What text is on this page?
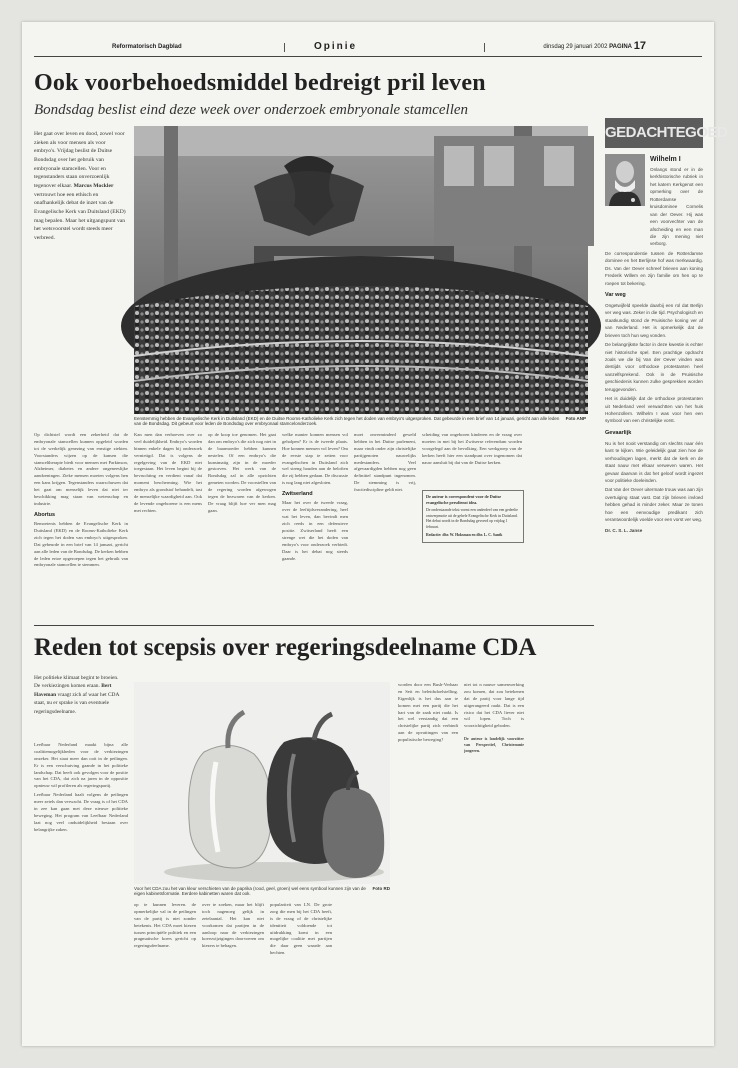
Reformatorisch Dagblad	Opinie	dinsdag 29 januari 2002 PAGINA 17
Ook voorbehoedsmiddel bedreigt pril leven
Bondsdag beslist eind deze week over onderzoek embryonale stamcellen
Het gaat over leven en dood, zowel voor zieken als voor mensen als voor embryo's. Vrijdag beslist de Duitse Bondsdag over het gebruik van embryonale stamcellen. Voor en tegenstanders staan onverzoenlijk tegenover elkaar. Marcus Mockler vertrouwt hoe een ethisch en onafhankelijk debat de inzet van de Evangelische Kerk van Duitsland (EKD) mag bepalen. Maar het uitgangspunt van het wetsvoorstel wordt steeds meer verbreed.
Foto ANP
Eenstemmig hebben de Evangelische Kerk in Duitsland (EKD) en de Duitse Rooms-Katholieke Kerk zich tegen het doden van embryo's uitgesproken. Dat gebeurde in een brief van 14 januari, gericht aan alle leden van de Bondsdag. Dit gebeurt voor leden de Bondsdag over embryonaal stamcelonderzoek.

Op dichtstel wordt een zekerheid dat de embryonale stamcellen kunnen opgeleid worden tot de werkelijk genezing van ernstige ziekten. Voorstanders wijzen op de kansen die stamceltherapie biedt voor mensen met Parkinson, Alzheimer, diabetes en andere ongeneeslijke aandoeningen. Zieke mensen moeten volgens hen een kans krijgen. Tegenstanders waarschuwen dat het gaat om menselijk leven dat niet ter beschikking mag staan van wetenschap en industrie.

Abortus

Bemoeienis hebben de Evangelische Kerk in Duitsland (EKD) en de Rooms-Katholieke Kerk zich tegen het doden van embryo's uitgesproken. Dat gebeurde in een brief van 14 januari, gericht aan alle leden van de Bondsdag. De kerken hebben de leden ertoe opgeroepen tegen het gebruik van embryonale stamcellen te stemmen.

Kan men dan verhoeven over zo veel duidelijkheid. Embryo's worden binnen enkele dagen bij onderzoek vernietigd. Dat is volgens de regelgeving van de EKD niet toegestaan. Het leven begint bij de bevruchting en verdient vanaf dat moment bescherming. Wie het embryo als grondstof behandelt, tast de menselijke waardigheid aan. Ook de levende ongeborene is een mens met rechten.

op de koop toe genomen. Het gaat dan om embryo's die zich nog niet in de baarmoeder hebben kunnen nestelen. Of een embryo's die kunstmatig zijn in de moeder gestorven. Het werk van de Bondsdag zal in alle opzichten gemeten worden. De voorstellen van de regering worden afgewogen tegen de bezwaren van de kerken. De vraag blijft hoe ver men mag gaan.

welke manier konnen mensen vol geholpen? Er is de tweede plaats. Hoe konnen mensen vol leven? Om de eerste stap te zetten voor evangelischen in Duitsland zich wel streng houden aan de beloften die zij hebben gedaan. De discussie is nog lang niet afgesloten.

Zwitserland

Maar het over de tweede vraag, over de leeftijdsverandering, heel wat het leven, dan bevindt men zich reeds in een defensieve positie. Zwitserland heeft een strenge wet die het doden van embryo's voor onderzoek verbiedt. Daar is het debat nog steeds gaande.

moet onverminderd geweld hebben in het Duitse parlement, maar vindt onder zijn christelijke partijgenoten nauwelijks medestanders. Veel afgevaardigden hebben nog geen definitief standpunt ingenomen. De stemming is vrij, fractiediscipline geldt niet.

scheiding van ongeboren kinderen en de vraag over moeten in mei bij het Zwitserse referendum worden voorgelegd aan de bevolking. Een werkgroep van de kerken heeft hier een standpunt over ingenomen dat nauw aansluit bij dat van de Duitse kerken.

De auteur is correspondent voor de Duitse evangelische persdienst idea.

De onderstaande tekst vormt een onderdeel van een gedeelte ontwerpmotie uit de gehele Evangelische Kerk in Duitsland. Het debat wordt in de Bondsdag gevoerd op vrijdag 1 februari.

Redactie: dhr. W. Hoksman en dhr. L. C. Santk
GEDACHTEGOED
Wilhelm I

Onlangs stond er in de kerkhistorische rubriek in het katern Kerkgenot een opmerking over de Rotterdamse kruisdominee Cornelis van der Oever. Hij was een voorvechter van de afscheiding en een man die zijn mening niet verborg.

De correspondentie tussen de Rotterdamse dominee en het Berlijnse hof was merkwaardig. Ds. Van der Oever schreef brieven aan koning Frederik Willem en zijn familie om hen op te roepen tot bekering.

Var weg

Ongetwijfeld speelde daarbij een rol dat Berlijn ver weg was. Zeker in die tijd. Psychologisch en staatkundig stond de Pruisische koning ver af van Nederland. Het is opmerkelijk dat de brieven toch hun weg vonden.

De belangrijkste factor in deze kwestie is echter niet historische spel. Een prachtige opdracht zoals we die bij Van der Oever vinden was destijds voor orthodoxe protestanten heel vanzelfsprekend. Ook in de Pruisische geschiedenis kunnen zulke gesprekken worden teruggevonden.

Het is duidelijk dat de orthodoxe protestanten uit Nederland veel verwachtten van het huis Hohenzollern. Wilhelm I was voor hen een symbool van een christelijke vorst.

Gevaarlijk

Nu is het nooit verstandig om slechts naar één kant te kijken. Wie geleidelijk gaat zien hoe de verhoudingen lagen, merkt dat de kerk en de staat nauw met elkaar verweven waren. Het gevaar daarvan is dat het geloof wordt ingezet voor politieke doeleinden.

Dat Van der Oever uitermate trouw was aan zijn overtuiging staat vast. Dat zijn brieven invloed hebben gehad is minder zeker. Maar ze tonen hoe een eenvoudige predikant zich verantwoordelijk voelde voor een vorst ver weg.

Dr. C. S. L. Janse
Reden tot scepsis over regeringsdeelname CDA
Het politieke klimaat begint te broeien. De verkiezingen komen eraan. Bert Haveman vraagt zich af waar het CDA staat, nu er sprake is van eventuele regeringsdeelname.

Leefbaar Nederland maakt bijna alle coalitiemogelijkheden voor de verkiezingen onzeker. Het staat meer dan ooit in de peilingen. Er is een verschuiving gaande in het politieke landschap. Dat heeft ook gevolgen voor de positie van het CDA, dat zich na jaren in de oppositie opnieuw wil profileren als regeringspartij.

Leefbaar Nederland haalt volgens de peilingen meer zetels dan verwacht. De vraag is of het CDA in zee kan gaan met deze nieuwe politieke beweging. Het program van Leefbaar Nederland laat nog veel onduidelijkheid bestaan over belangrijke zaken.

Foto RD
Voor het CDA zou het van kleur verschieten van de paprika (rood, geel, groen) wel eens symbool kunnen zijn van de eigen kabinetsformatie. Eerdere kabinetten waren dat ook.

op te kunnen leveren. de opmerkelijke val in de peilingen van de partij is niet zonder betekenis. Het CDA moet kiezen tussen principiële politiek en een pragmatische koers gericht op regeringsdeelname.

over te zoeken, maar het blijft toch nagenoeg gelijk in zetelaantal. Het kan niet voorkomen dat partijen in de aanloop naar de verkiezingen koerswijzigingen doorvoeren om kiezers te behagen.

populariteit van LN. De grote zorg die men bij het CDA heeft, is de vraag of de christelijke identiteit voldoende tot uitdrukking komt in een mogelijke coalitie met partijen die daar geen waarde aan hechten.

worden door een Bush-Verhaar en Seit en beleidsdoelstelling. Eigenlijk is het dus aan te komen met een partij die het hart van de zaak niet raakt. Is het wel verstandig dat een christelijke partij zich verbindt aan de opvattingen van een populistische beweging?

niet tot n nauwe samenwerking zou komen, dat zou betekenen dat de partij voor lange tijd uitgerangeerd raakt. Dat is een risico dat het CDA liever niet wil lopen. Toch is voorzichtigheid geboden.

De auteur is landelijk voorzitter van Perspectief, Christenunie jongeren.
